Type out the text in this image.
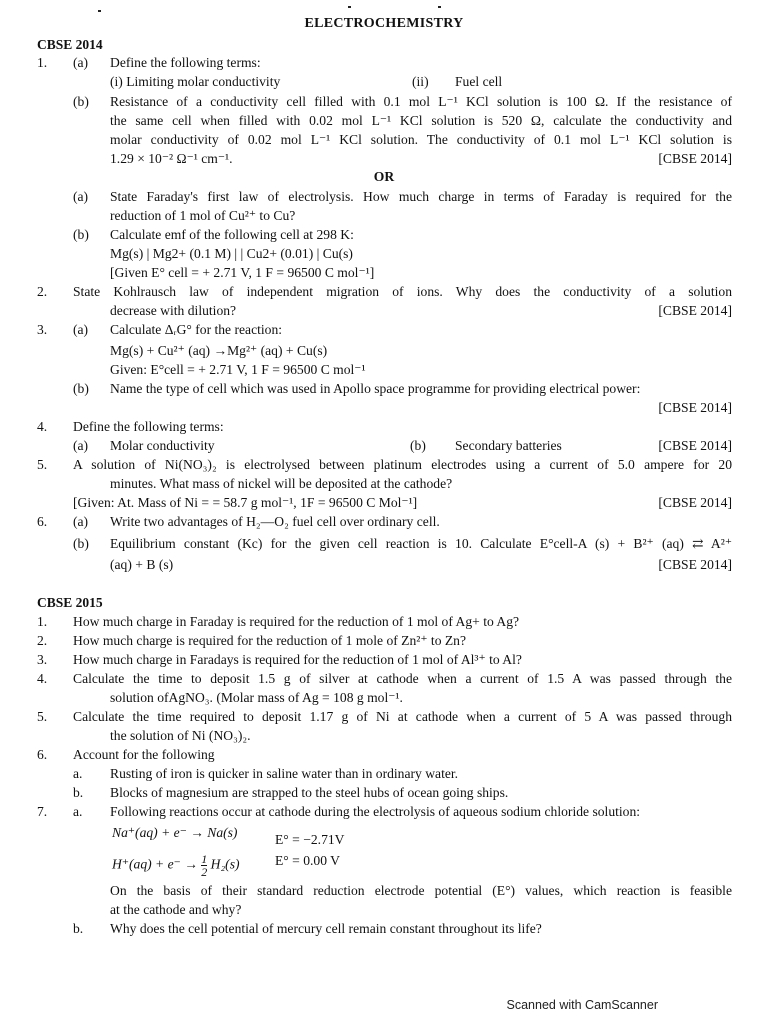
ELECTROCHEMISTRY
CBSE 2014
1. (a) Define the following terms:
(i) Limiting molar conductivity	(ii) Fuel cell
(b) Resistance of a conductivity cell filled with 0.1 mol L⁻¹ KCl solution is 100 Ω. If the resistance of
the same cell when filled with 0.02 mol L⁻¹ KCl solution is 520 Ω, calculate the conductivity and
molar conductivity of 0.02 mol L⁻¹ KCl solution. The conductivity of 0.1 mol L⁻¹ KCl solution is
1.29 × 10⁻² Ω⁻¹ cm⁻¹.	[CBSE 2014]
OR
(a) State Faraday's first law of electrolysis. How much charge in terms of Faraday is required for the
reduction of 1 mol of Cu²⁺ to Cu?
(b) Calculate emf of the following cell at 298 K:
Mg(s) | Mg2+ (0.1 M) | | Cu2+ (0.01) | Cu(s)
[Given E° cell = + 2.71 V, 1 F = 96500 C mol⁻¹]
2. State Kohlrausch law of independent migration of ions. Why does the conductivity of a solution
decrease with dilution?	[CBSE 2014]
3. (a) Calculate ΔᵣG° for the reaction:
Mg(s) + Cu²⁺ (aq) →Mg²⁺ (aq) + Cu(s)
Given: E°cell = + 2.71 V, 1 F = 96500 C mol⁻¹
(b) Name the type of cell which was used in Apollo space programme for providing electrical power:
[CBSE 2014]
4. Define the following terms:
(a) Molar conductivity	(b) Secondary batteries	[CBSE 2014]
5. A solution of Ni(NO₃)₂ is electrolysed between platinum electrodes using a current of 5.0 ampere for 20
minutes. What mass of nickel will be deposited at the cathode?
[Given: At. Mass of Ni = = 58.7 g mol⁻¹, 1F = 96500 C Mol⁻¹]	[CBSE 2014]
6. (a) Write two advantages of H₂—O₂ fuel cell over ordinary cell.
(b) Equilibrium constant (Kc) for the given cell reaction is 10. Calculate E°cell-A (s) + B²⁺ (aq) ⇄ A²⁺
(aq) + B (s)	[CBSE 2014]
CBSE 2015
1. How much charge in Faraday is required for the reduction of 1 mol of Ag+ to Ag?
2. How much charge is required for the reduction of 1 mole of Zn²⁺ to Zn?
3. How much charge in Faradays is required for the reduction of 1 mol of Al³⁺ to Al?
4. Calculate the time to deposit 1.5 g of silver at cathode when a current of 1.5 A was passed through the
solution ofAgNO₃. (Molar mass of Ag = 108 g mol⁻¹.
5. Calculate the time required to deposit 1.17 g of Ni at cathode when a current of 5 A was passed through
the solution of Ni (NO₃)₂.
6. Account for the following
a. Rusting of iron is quicker in saline water than in ordinary water.
b. Blocks of magnesium are strapped to the steel hubs of ocean going ships.
7. a. Following reactions occur at cathode during the electrolysis of aqueous sodium chloride solution:
Na⁺(aq) + e⁻ → Na(s)	E° = −2.71V
$H^+(aq) + e^- \to \frac{1}{2} H_2(s)$	E° = 0.00 V
On the basis of their standard reduction electrode potential (E°) values, which reaction is feasible
at the cathode and why?
b. Why does the cell potential of mercury cell remain constant throughout its life?
Scanned with CamScanner
